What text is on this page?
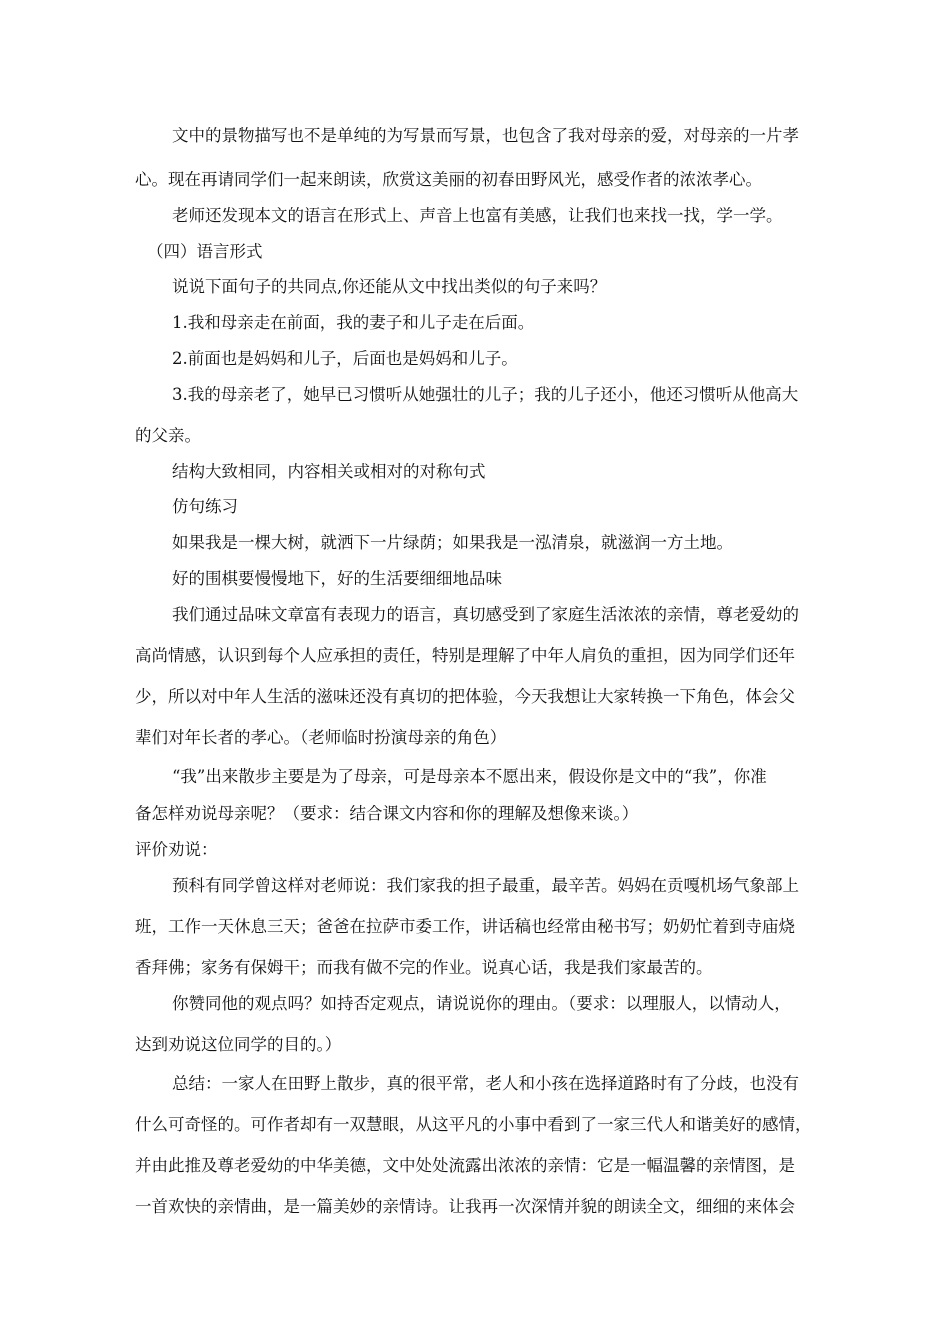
文中的景物描写也不是单纯的为写景而写景，也包含了我对母亲的爱，对母亲的一片孝
心。现在再请同学们一起来朗读，欣赏这美丽的初春田野风光，感受作者的浓浓孝心。
老师还发现本文的语言在形式上、声音上也富有美感，让我们也来找一找，学一学。
（四）语言形式
说说下面句子的共同点,你还能从文中找出类似的句子来吗？
1.我和母亲走在前面，我的妻子和儿子走在后面。
2.前面也是妈妈和儿子，后面也是妈妈和儿子。
3.我的母亲老了，她早已习惯听从她强壮的儿子；我的儿子还小，他还习惯听从他高大
的父亲。
结构大致相同，内容相关或相对的对称句式
仿句练习
如果我是一棵大树，就洒下一片绿荫；如果我是一泓清泉，就滋润一方土地。
好的围棋要慢慢地下，好的生活要细细地品味
我们通过品味文章富有表现力的语言，真切感受到了家庭生活浓浓的亲情，尊老爱幼的
高尚情感，认识到每个人应承担的责任，特别是理解了中年人肩负的重担，因为同学们还年
少，所以对中年人生活的滋味还没有真切的把体验，今天我想让大家转换一下角色，体会父
辈们对年长者的孝心。（老师临时扮演母亲的角色）
“我”出来散步主要是为了母亲，可是母亲本不愿出来，假设你是文中的“我”，你准
备怎样劝说母亲呢？（要求：结合课文内容和你的理解及想像来谈。）
评价劝说：
预科有同学曾这样对老师说：我们家我的担子最重，最辛苦。妈妈在贡嘎机场气象部上
班，工作一天休息三天；爸爸在拉萨市委工作，讲话稿也经常由秘书写；奶奶忙着到寺庙烧
香拜佛；家务有保姆干；而我有做不完的作业。说真心话，我是我们家最苦的。
你赞同他的观点吗？如持否定观点，请说说你的理由。（要求：以理服人，以情动人，
达到劝说这位同学的目的。）
总结：一家人在田野上散步，真的很平常，老人和小孩在选择道路时有了分歧，也没有
什么可奇怪的。可作者却有一双慧眼，从这平凡的小事中看到了一家三代人和谐美好的感情，
并由此推及尊老爱幼的中华美德，文中处处流露出浓浓的亲情：它是一幅温馨的亲情图，是
一首欢快的亲情曲，是一篇美妙的亲情诗。让我再一次深情并貌的朗读全文，细细的来体会
